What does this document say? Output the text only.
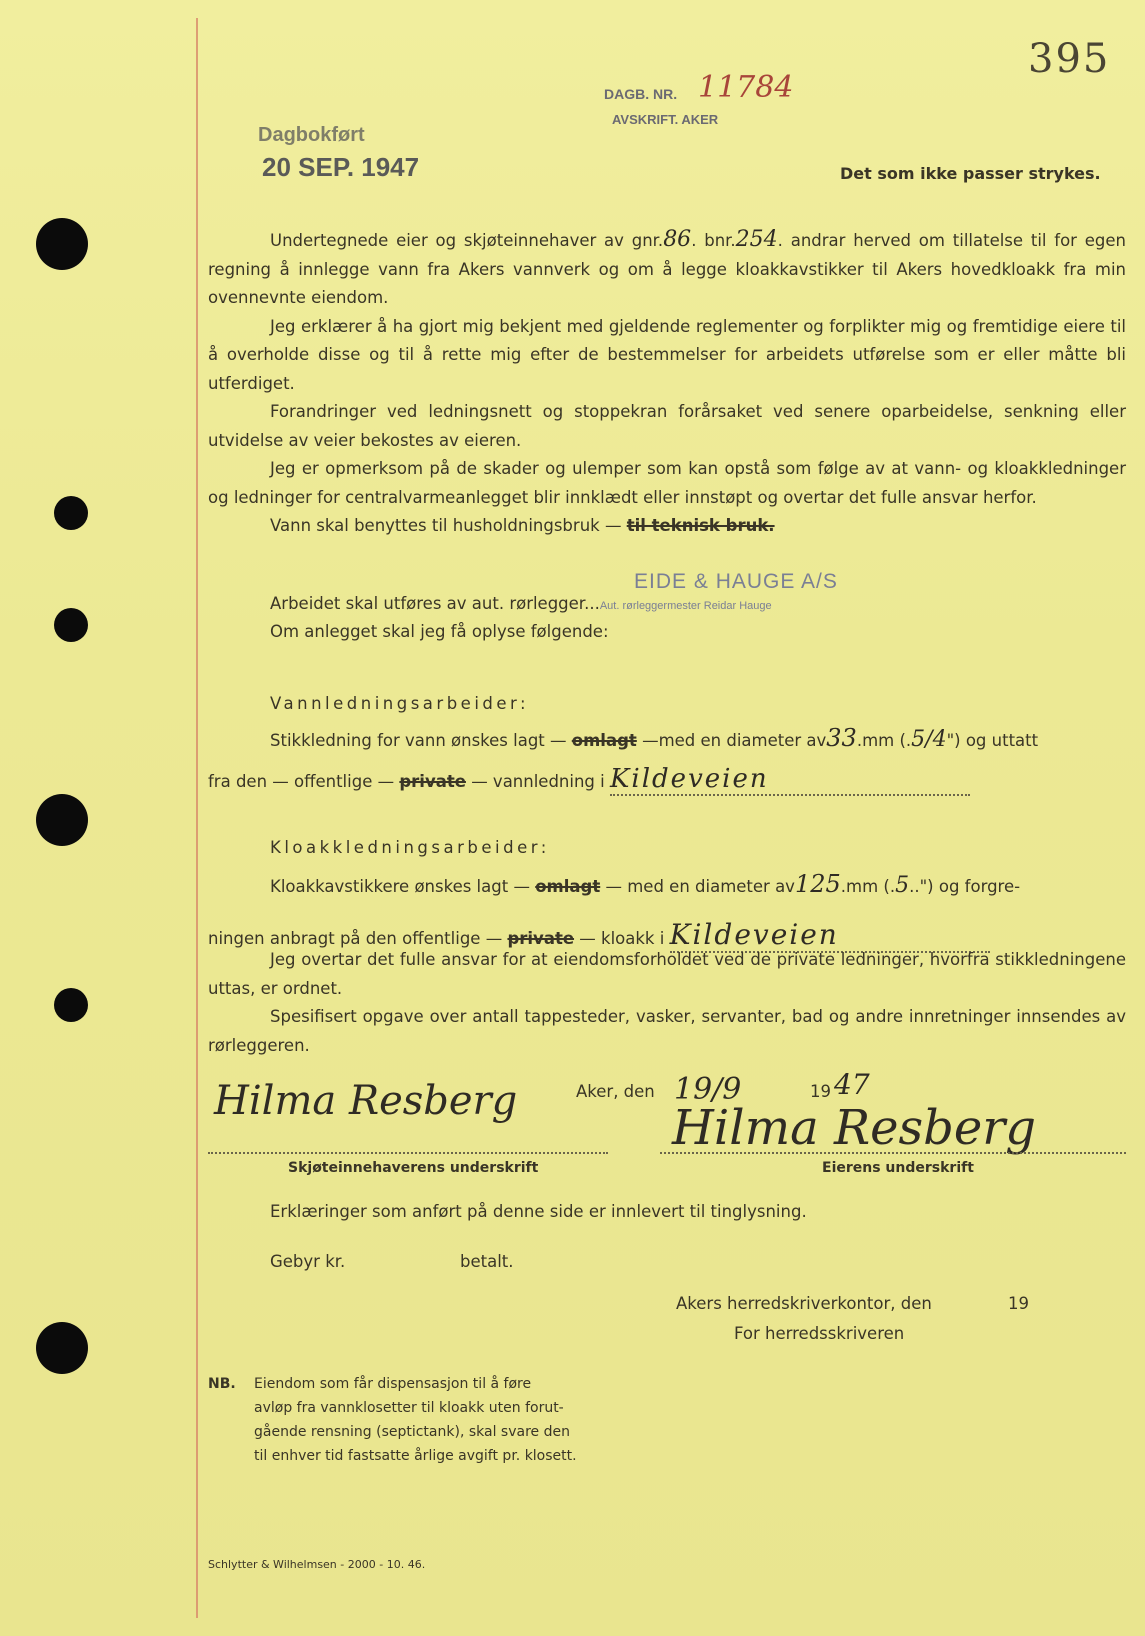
395
DAGB. NR. 11784
AVSKRIFT. AKER
Dagbokført
20 SEP. 1947	Det som ikke passer strykes.

Undertegnede eier og skjøteinnehaver av gnr.86. bnr.254. andrar herved om tillatelse til for egen regning å innlegge vann fra Akers vannverk og om å legge kloakkavstikker til Akers hovedkloakk fra min ovennevnte eiendom.

Jeg erklærer å ha gjort mig bekjent med gjeldende reglementer og forplikter mig og fremtidige eiere til å overholde disse og til å rette mig efter de bestemmelser for arbeidets utførelse som er eller måtte bli utferdiget.

Forandringer ved ledningsnett og stoppekran forårsaket ved senere oparbeidelse, senkning eller utvidelse av veier bekostes av eieren.

Jeg er opmerksom på de skader og ulemper som kan opstå som følge av at vann- og kloakkledninger og ledninger for centralvarmeanlegget blir innklædt eller innstøpt og overtar det fulle ansvar herfor.

Vann skal benyttes til husholdningsbruk — til teknisk bruk.

EIDE & HAUGE A/S
Arbeidet skal utføres av aut. rørlegger...Aut. rørleggermester Reidar Hauge
Om anlegget skal jeg få oplyse følgende:
Vannledningsarbeider:
Stikkledning for vann ønskes lagt — omlagt —med en diameter av33.mm (.5/4") og uttatt
fra den — offentlige — private — vannledning i Kildeveien
Kloakkledningsarbeider:
Kloakkavstikkere ønskes lagt — omlagt — med en diameter av125.mm (.5..") og forgre-
ningen anbragt på den offentlige — private — kloakk i Kildeveien

Jeg overtar det fulle ansvar for at eiendomsforholdet ved de private ledninger, hvorfra stikkledningene uttas, er ordnet.

Spesifisert opgave over antall tappesteder, vasker, servanter, bad og andre innretninger innsendes av rørleggeren.

Hilma Resberg	Aker, den 19/9	19 47
Hilma Resberg
Skjøteinnehaverens underskrift	Eierens underskrift
Erklæringer som anført på denne side er innlevert til tinglysning.
Gebyr kr.	betalt.
Akers herredskriverkontor, den	19
For herredsskriveren
NB.	Eiendom som får dispensasjon til å føre
avløp fra vannklosetter til kloakk uten forut-
gående rensning (septictank), skal svare den
til enhver tid fastsatte årlige avgift pr. klosett.
Schlytter & Wilhelmsen - 2000 - 10. 46.
